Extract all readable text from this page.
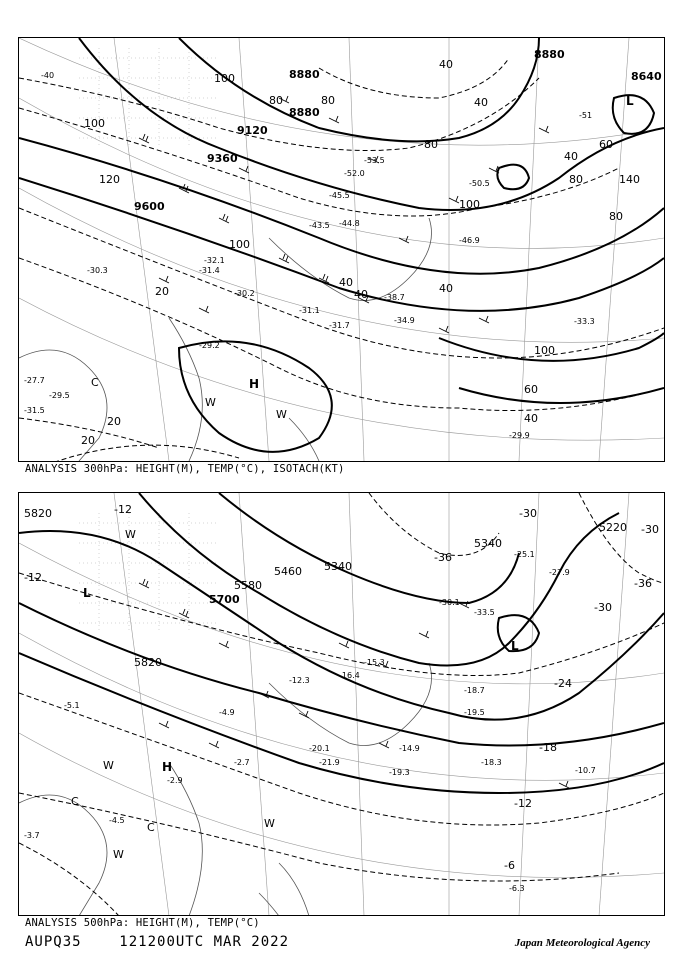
8880
8880
9120
9360
9600
8640
8880
100
80	80
100
120
80
40
40
80
100
140
40
80
100
60
40
20
20
20
100
60
40	40
40
-40
-51
-50.5
-52.0
-53.5
-45.5
-46.9
-43.5 -44.8
-32.1
-31.4
-30.2
-31.1
-31.7
-34.9
-38.7
-33.3
-29.9
-30.3
-29.2
-27.7
-29.5
-31.5
L
H
W
W
C
ANALYSIS 300hPa: HEIGHT(M), TEMP(°C), ISOTACH(KT)
5820
5700
5460 5340
5580
5820
5340
5220
-12
-12
-30
-30
-36
-30
-24
-18
-12
-6
-36
-33.5
-27.9
-30.1
-25.1
-18.7
-19.5
-18.3
-10.7
-6.3
-14.9
-19.3
-12.3
-16.4
-15.3
-4.9
-2.7
-2.9
-4.5
-3.7
-5.1
-20.1
-21.9
L
L
H
W
W
W
W
C
C
ANALYSIS 500hPa: HEIGHT(M), TEMP(°C)
AUPQ35	121200UTC MAR 2022	Japan Meteorological Agency
